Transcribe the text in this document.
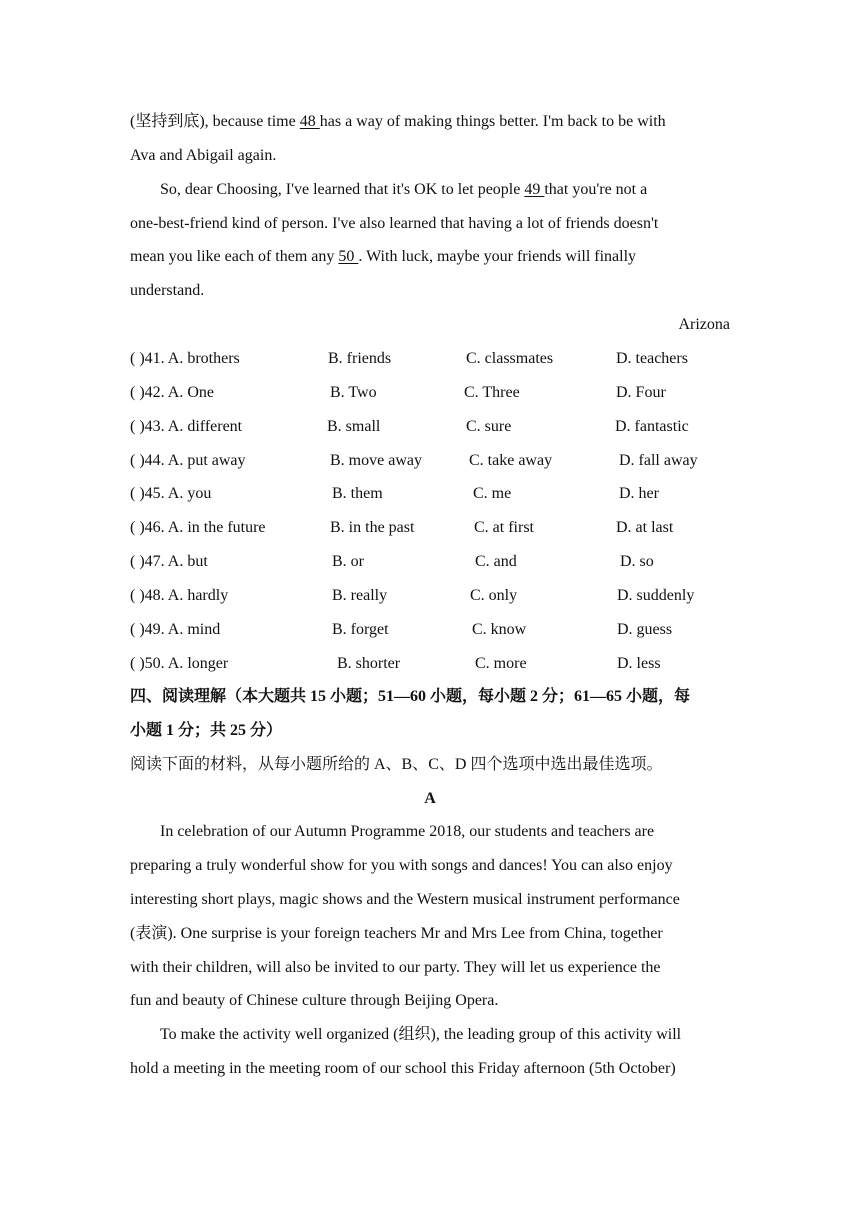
(坚持到底), because time 48 has a way of making things better. I'm back to be with
Ava and Abigail again.
So, dear Choosing, I've learned that it's OK to let people 49 that you're not a
one-best-friend kind of person. I've also learned that having a lot of friends doesn't
mean you like each of them any 50 . With luck, maybe your friends will finally
understand.
Arizona
( )41. A. brothers	B. friends	C. classmates	D. teachers
( )42. A. One	B. Two	C. Three	D. Four
( )43. A. different	B. small	C. sure	D. fantastic
( )44. A. put away	B. move away	C. take away	D. fall away
( )45. A. you	B. them	C. me	D. her
( )46. A. in the future	B. in the past	C. at first	D. at last
( )47. A. but	B. or	C. and	D. so
( )48. A. hardly	B. really	C. only	D. suddenly
( )49. A. mind	B. forget	C. know	D. guess
( )50. A. longer	B. shorter	C. more	D. less
四、阅读理解（本大题共 15 小题；51—60 小题，每小题 2 分；61—65 小题，每
小题 1 分；共 25 分）
阅读下面的材料，从每小题所给的 A、B、C、D 四个选项中选出最佳选项。
A
In celebration of our Autumn Programme 2018, our students and teachers are
preparing a truly wonderful show for you with songs and dances! You can also enjoy
interesting short plays, magic shows and the Western musical instrument performance
(表演). One surprise is your foreign teachers Mr and Mrs Lee from China, together
with their children, will also be invited to our party. They will let us experience the
fun and beauty of Chinese culture through Beijing Opera.
To make the activity well organized (组织), the leading group of this activity will
hold a meeting in the meeting room of our school this Friday afternoon (5th October)
